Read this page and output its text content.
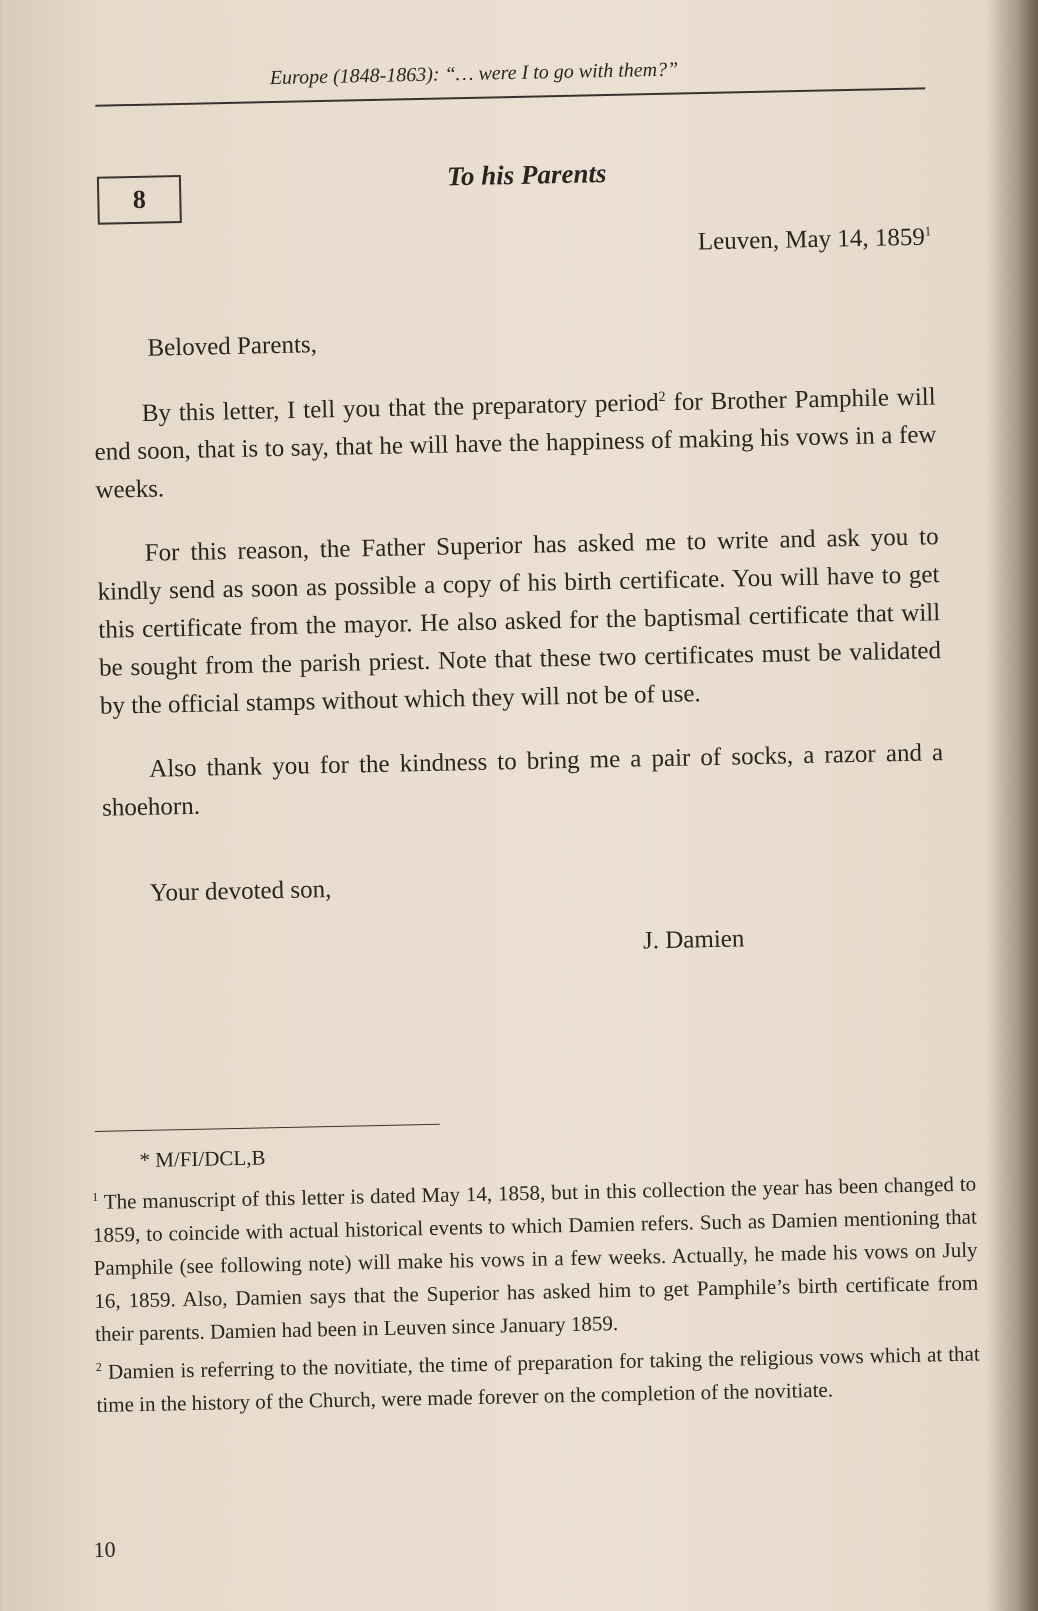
Europe (1848-1863): “… were I to go with them?”
8
To his Parents
Leuven, May 14, 1859$^1$

Beloved Parents,

By this letter, I tell you that the preparatory period$^2$ for Brother Pamphile will end soon, that is to say, that he will have the happiness of making his vows in a few weeks.

For this reason, the Father Superior has asked me to write and ask you to kindly send as soon as possible a copy of his birth certificate. You will have to get this certificate from the mayor. He also asked for the baptismal certificate that will be sought from the parish priest. Note that these two certificates must be validated by the official stamps without which they will not be of use.

Also thank you for the kindness to bring me a pair of socks, a razor and a shoehorn.

Your devoted son,
J. Damien
* M/FI/DCL,B

$^1$ The manuscript of this letter is dated May 14, 1858, but in this collection the year has been changed to 1859, to coincide with actual historical events to which Damien refers. Such as Damien mentioning that Pamphile (see following note) will make his vows in a few weeks. Actually, he made his vows on July 16, 1859. Also, Damien says that the Superior has asked him to get Pamphile’s birth certificate from their parents. Damien had been in Leuven since January 1859.

$^2$ Damien is referring to the novitiate, the time of preparation for taking the religious vows which at that time in the history of the Church, were made forever on the completion of the novitiate.

10
